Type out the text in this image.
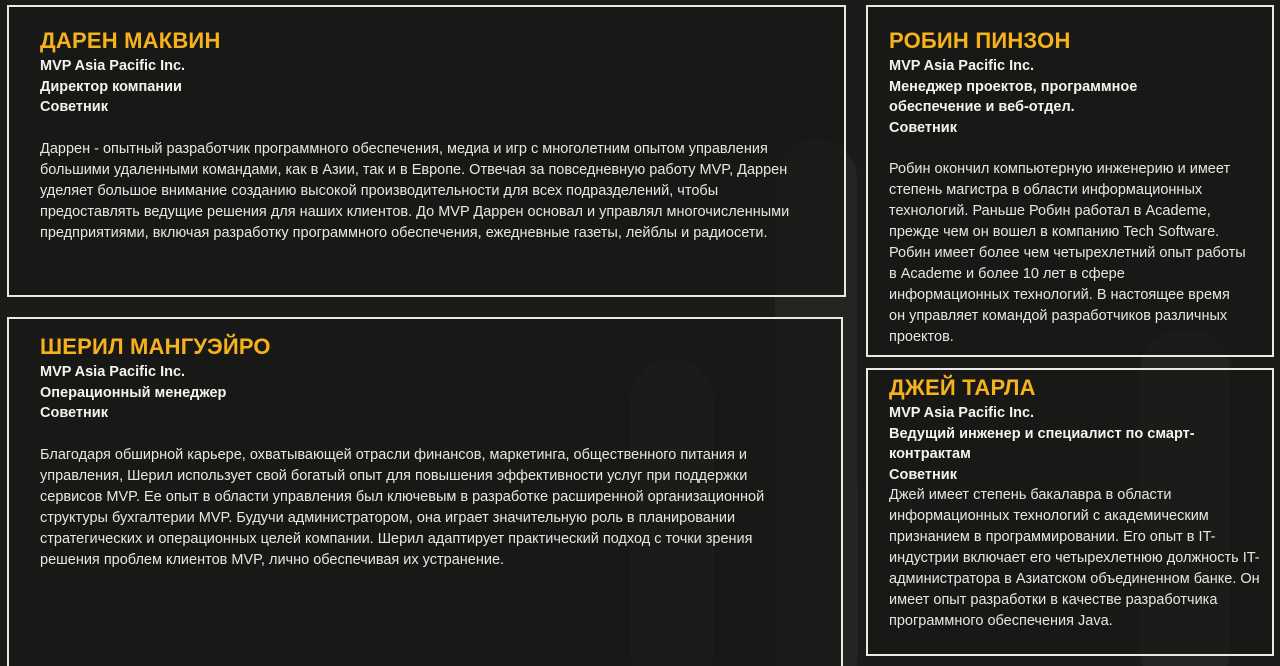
ДАРЕН МАКВИН

MVP Asia Pacific Inc.

Директор компании

Советник

Даррен - опытный разработчик программного обеспечения, медиа и игр с многолетним опытом управления большими удаленными командами, как в Азии, так и в Европе. Отвечая за повседневную работу MVP, Даррен уделяет большое внимание созданию высокой производительности для всех подразделений, чтобы предоставлять ведущие решения для наших клиентов. До MVP Даррен основал и управлял многочисленными предприятиями, включая разработку программного обеспечения, ежедневные газеты, лейблы и радиосети.

ШЕРИЛ МАНГУЭЙРО

MVP Asia Pacific Inc.

Операционный менеджер

Советник

Благодаря обширной карьере, охватывающей отрасли финансов, маркетинга, общественного питания и управления, Шерил использует свой богатый опыт для повышения эффективности услуг при поддержки сервисов MVP. Ее опыт в области управления был ключевым в разработке расширенной организационной структуры бухгалтерии MVP. Будучи администратором, она играет значительную роль в планировании стратегических и операционных целей компании. Шерил адаптирует практический подход с точки зрения решения проблем клиентов MVP, лично обеспечивая их устранение.

РОБИН ПИНЗОН

MVP Asia Pacific Inc.

Менеджер проектов, программное обеспечение и веб-отдел.

Советник

Робин окончил компьютерную инженерию и имеет степень магистра в области информационных технологий. Раньше Робин работал в Academe, прежде чем он вошел в компанию Tech Software. Робин имеет более чем четырехлетний опыт работы в Academe и более 10 лет в сфере информационных технологий. В настоящее время он управляет командой разработчиков различных проектов.

ДЖЕЙ ТАРЛА

MVP Asia Pacific Inc.

Ведущий инженер и специалист по смарт-контрактам

Советник

Джей имеет степень бакалавра в области информационных технологий с академическим признанием в программировании. Его опыт в IT-индустрии включает его четырехлетнюю должность IT-администратора в Азиатском объединенном банке. Он имеет опыт разработки в качестве разработчика программного обеспечения Java.
